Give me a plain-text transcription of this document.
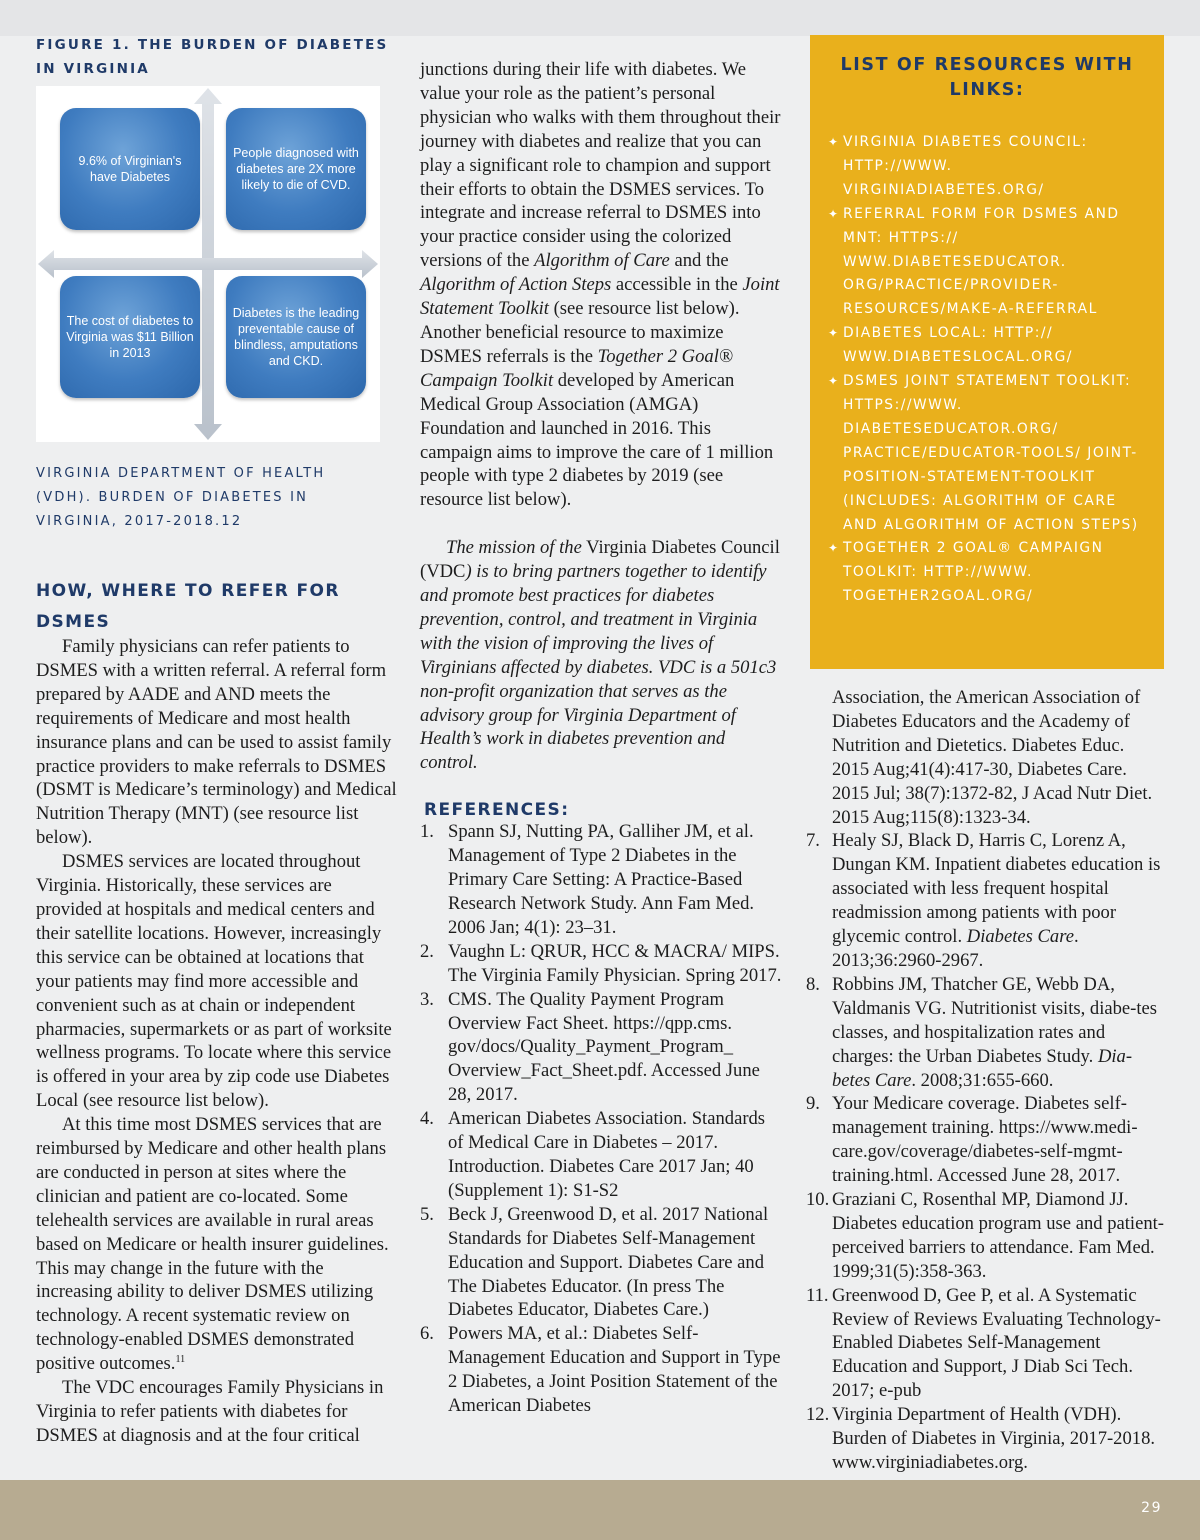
FIGURE 1. THE BURDEN OF DIABETES
IN VIRGINIA
9.6% of Virginian's have Diabetes
People diagnosed with diabetes are 2X more likely to die of CVD.
The cost of diabetes to Virginia was $11 Billion in 2013
Diabetes is the leading preventable cause of blindless, amputations and CKD.
VIRGINIA DEPARTMENT OF HEALTH
(VDH). BURDEN OF DIABETES IN
VIRGINIA, 2017-2018.12
HOW, WHERE TO REFER FOR
DSMES

Family physicians can refer patients to DSMES with a written referral. A referral form prepared by AADE and AND meets the requirements of Medicare and most health insurance plans and can be used to assist family practice providers to make referrals to DSMES (DSMT is Medicare’s terminology) and Medical Nutrition Therapy (MNT) (see resource list below).

DSMES services are located throughout Virginia. Historically, these services are provided at hospitals and medical centers and their satellite locations. However, increasingly this service can be obtained at locations that your patients may find more accessible and convenient such as at chain or independent pharmacies, supermarkets or as part of worksite wellness programs. To locate where this service is offered in your area by zip code use Diabetes Local (see resource list below).

At this time most DSMES services that are reimbursed by Medicare and other health plans are conducted in person at sites where the clinician and patient are co-located. Some telehealth services are available in rural areas based on Medicare or health insurer guidelines. This may change in the future with the increasing ability to deliver DSMES utilizing technology. A recent systematic review on technology-enabled DSMES demonstrated positive outcomes.$^{11}$

The VDC encourages Family Physicians in Virginia to refer patients with diabetes for DSMES at diagnosis and at the four critical

junctions during their life with diabetes. We value your role as the patient’s personal physician who walks with them throughout their journey with diabetes and realize that you can play a significant role to champion and support their efforts to obtain the DSMES services. To integrate and increase referral to DSMES into your practice consider using the colorized versions of the Algorithm of Care and the Algorithm of Action Steps accessible in the Joint Statement Toolkit (see resource list below). Another beneficial resource to maximize DSMES referrals is the Together 2 Goal® Campaign Toolkit developed by American Medical Group Association (AMGA) Foundation and launched in 2016. This campaign aims to improve the care of 1 million people with type 2 diabetes by 2019 (see resource list below).

The mission of the Virginia Diabetes Council (VDC) is to bring partners together to identify and promote best practices for diabetes prevention, control, and treatment in Virginia with the vision of improving the lives of Virginians affected by diabetes. VDC is a 501c3 non-profit organization that serves as the advisory group for Virginia Department of Health’s work in diabetes prevention and control.

REFERENCES:
1. Spann SJ, Nutting PA, Galliher JM, et al. Management of Type 2 Diabetes in the Primary Care Setting: A Practice-Based Research Network Study. Ann Fam Med. 2006 Jan; 4(1): 23–31.
2. Vaughn L: QRUR, HCC & MACRA/ MIPS. The Virginia Family Physician. Spring 2017.
3. CMS. The Quality Payment Program Overview Fact Sheet. https://qpp.cms. gov/docs/Quality_Payment_Program_ Overview_Fact_Sheet.pdf. Accessed June 28, 2017.
4. American Diabetes Association. Standards of Medical Care in Diabetes – 2017. Introduction. Diabetes Care 2017 Jan; 40 (Supplement 1): S1-S2
5. Beck J, Greenwood D, et al. 2017 National Standards for Diabetes Self-Management Education and Support. Diabetes Care and The Diabetes Educator. (In press The Diabetes Educator, Diabetes Care.)
6. Powers MA, et al.: Diabetes Self-Management Education and Support in Type 2 Diabetes, a Joint Position Statement of the American Diabetes
LIST OF RESOURCES WITH
LINKS:
✦ VIRGINIA DIABETES COUNCIL: HTTP://WWW. VIRGINIADIABETES.ORG/
✦ REFERRAL FORM FOR DSMES AND MNT: HTTPS:// WWW.DIABETESEDUCATOR. ORG/PRACTICE/PROVIDER-RESOURCES/MAKE-A-REFERRAL
✦ DIABETES LOCAL: HTTP:// WWW.DIABETESLOCAL.ORG/
✦ DSMES JOINT STATEMENT TOOLKIT: HTTPS://WWW. DIABETESEDUCATOR.ORG/ PRACTICE/EDUCATOR-TOOLS/ JOINT-POSITION-STATEMENT-TOOLKIT (INCLUDES: ALGORITHM OF CARE AND ALGORITHM OF ACTION STEPS)
✦ TOGETHER 2 GOAL® CAMPAIGN TOOLKIT: HTTP://WWW. TOGETHER2GOAL.ORG/
Association, the American Association of Diabetes Educators and the Academy of Nutrition and Dietetics. Diabetes Educ. 2015 Aug;41(4):417-30, Diabetes Care. 2015 Jul; 38(7):1372-82, J Acad Nutr Diet. 2015 Aug;115(8):1323-34.
7. Healy SJ, Black D, Harris C, Lorenz A, Dungan KM. Inpatient diabetes education is associated with less frequent hospital readmission among patients with poor glycemic control. Diabetes Care. 2013;36:2960-2967.
8. Robbins JM, Thatcher GE, Webb DA, Valdmanis VG. Nutritionist visits, diabe-tes classes, and hospitalization rates and charges: the Urban Diabetes Study. Dia-betes Care. 2008;31:655-660.
9. Your Medicare coverage. Diabetes self-management training. https://www.medi-care.gov/coverage/diabetes-self-mgmt-training.html. Accessed June 28, 2017.
10. Graziani C, Rosenthal MP, Diamond JJ. Diabetes education program use and patient-perceived barriers to attendance. Fam Med. 1999;31(5):358-363.
11. Greenwood D, Gee P, et al. A Systematic Review of Reviews Evaluating Technology-Enabled Diabetes Self-Management Education and Support, J Diab Sci Tech. 2017; e-pub
12. Virginia Department of Health (VDH). Burden of Diabetes in Virginia, 2017-2018. www.virginiadiabetes.org.
29
